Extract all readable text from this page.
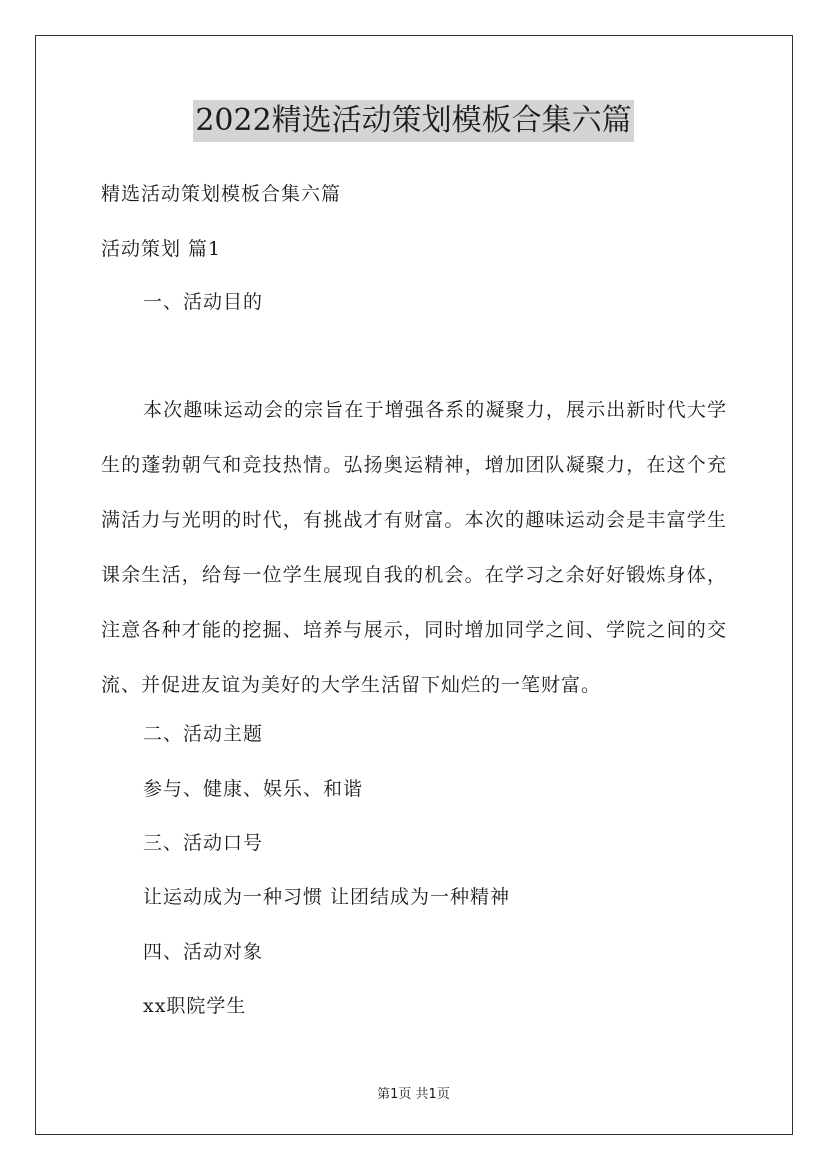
2022精选活动策划模板合集六篇
精选活动策划模板合集六篇
活动策划 篇1
一、活动目的
本次趣味运动会的宗旨在于增强各系的凝聚力，展示出新时代大学生的蓬勃朝气和竞技热情。弘扬奥运精神，增加团队凝聚力，在这个充满活力与光明的时代，有挑战才有财富。本次的趣味运动会是丰富学生课余生活，给每一位学生展现自我的机会。在学习之余好好锻炼身体，注意各种才能的挖掘、培养与展示，同时增加同学之间、学院之间的交流、并促进友谊为美好的大学生活留下灿烂的一笔财富。
二、活动主题
参与、健康、娱乐、和谐
三、活动口号
让运动成为一种习惯 让团结成为一种精神
四、活动对象
xx职院学生
第1页 共1页
